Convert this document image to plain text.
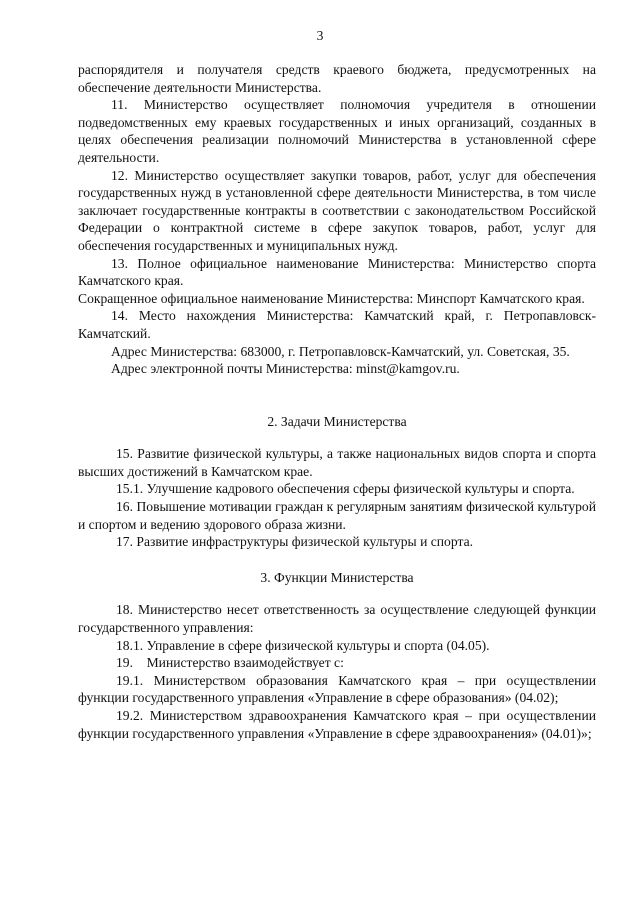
3

распорядителя и получателя средств краевого бюджета, предусмотренных на обеспечение деятельности Министерства.

11. Министерство осуществляет полномочия учредителя в отношении подведомственных ему краевых государственных и иных организаций, созданных в целях обеспечения реализации полномочий Министерства в установленной сфере деятельности.

12. Министерство осуществляет закупки товаров, работ, услуг для обеспечения государственных нужд в установленной сфере деятельности Министерства, в том числе заключает государственные контракты в соответствии с законодательством Российской Федерации о контрактной системе в сфере закупок товаров, работ, услуг для обеспечения государственных и муниципальных нужд.

13. Полное официальное наименование Министерства: Министерство спорта Камчатского края.

Сокращенное официальное наименование Министерства: Минспорт Камчатского края.

14. Место нахождения Министерства: Камчатский край, г. Петропавловск-Камчатский.

Адрес Министерства: 683000, г. Петропавловск-Камчатский, ул. Советская, 35.

Адрес электронной почты Министерства: minst@kamgov.ru.

2. Задачи Министерства

15. Развитие физической культуры, а также национальных видов спорта и спорта высших достижений в Камчатском крае.

15.1. Улучшение кадрового обеспечения сферы физической культуры и спорта.

16. Повышение мотивации граждан к регулярным занятиям физической культурой и спортом и ведению здорового образа жизни.

17. Развитие инфраструктуры физической культуры и спорта.

3. Функции Министерства

18. Министерство несет ответственность за осуществление следующей функции государственного управления:

18.1. Управление в сфере физической культуры и спорта (04.05).

19.    Министерство взаимодействует с:

19.1. Министерством образования Камчатского края – при осуществлении функции государственного управления «Управление в сфере образования» (04.02);

19.2. Министерством здравоохранения Камчатского края – при осуществлении функции государственного управления «Управление в сфере здравоохранения» (04.01)»;
